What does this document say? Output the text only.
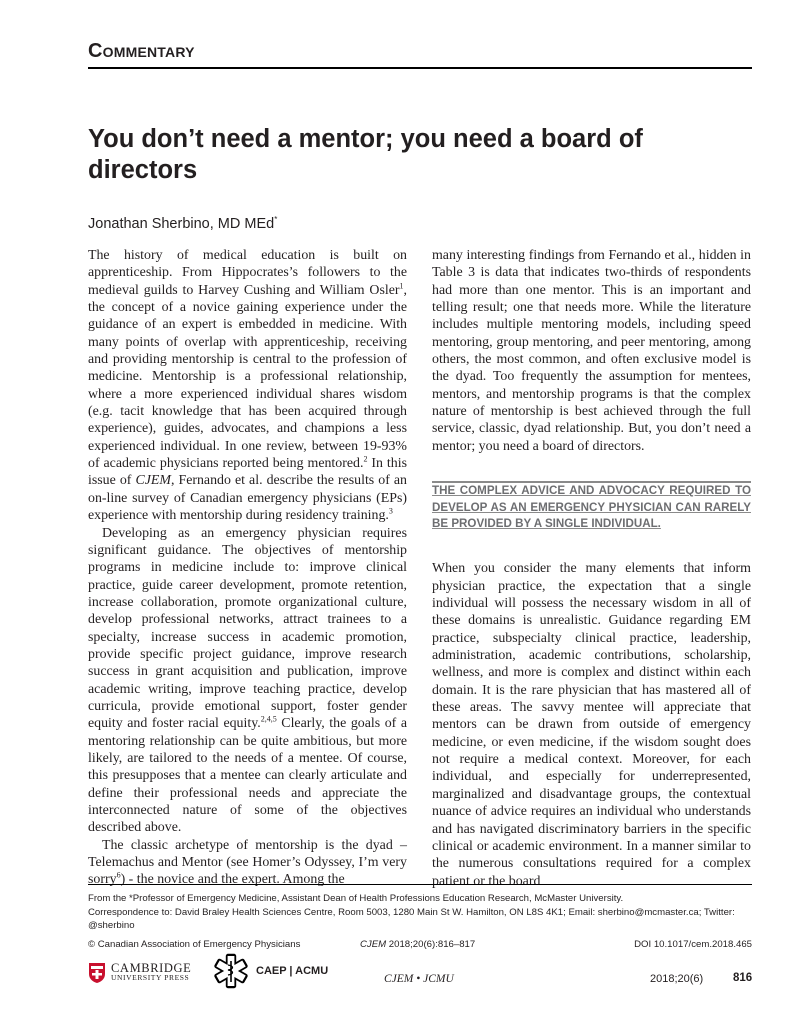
Commentary
You don’t need a mentor; you need a board of directors
Jonathan Sherbino, MD MEd*

The history of medical education is built on apprenticeship. From Hippocrates’s followers to the medieval guilds to Harvey Cushing and William Osler$^1$, the concept of a novice gaining experience under the guidance of an expert is embedded in medicine. With many points of overlap with apprenticeship, receiving and providing mentorship is central to the profession of medicine. Mentorship is a professional relationship, where a more experienced individual shares wisdom (e.g. tacit knowledge that has been acquired through experience), guides, advocates, and champions a less experienced individual. In one review, between 19-93% of academic physicians reported being mentored.$^2$ In this issue of CJEM, Fernando et al. describe the results of an on-line survey of Canadian emergency physicians (EPs) experience with mentorship during residency training.$^3$

Developing as an emergency physician requires significant guidance. The objectives of mentorship programs in medicine include to: improve clinical practice, guide career development, promote retention, increase collaboration, promote organizational culture, develop professional networks, attract trainees to a specialty, increase success in academic promotion, provide specific project guidance, improve research success in grant acquisition and publication, improve academic writing, improve teaching practice, develop curricula, provide emotional support, foster gender equity and foster racial equity.$^{2,4,5}$ Clearly, the goals of a mentoring relationship can be quite ambitious, but more likely, are tailored to the needs of a mentee. Of course, this presupposes that a mentee can clearly articulate and define their professional needs and appreciate the interconnected nature of some of the objectives described above.

The classic archetype of mentorship is the dyad – Telemachus and Mentor (see Homer’s Odyssey, I’m very sorry$^6$) - the novice and the expert. Among the

many interesting findings from Fernando et al., hidden in Table 3 is data that indicates two-thirds of respondents had more than one mentor. This is an important and telling result; one that needs more. While the literature includes multiple mentoring models, including speed mentoring, group mentoring, and peer mentoring, among others, the most common, and often exclusive model is the dyad. Too frequently the assumption for mentees, mentors, and mentorship programs is that the complex nature of mentorship is best achieved through the full service, classic, dyad relationship. But, you don’t need a mentor; you need a board of directors.

THE COMPLEX ADVICE AND ADVOCACY REQUIRED TO DEVELOP AS AN EMERGENCY PHYSICIAN CAN RARELY BE PROVIDED BY A SINGLE INDIVIDUAL.

When you consider the many elements that inform physician practice, the expectation that a single individual will possess the necessary wisdom in all of these domains is unrealistic. Guidance regarding EM practice, subspecialty clinical practice, leadership, administration, academic contributions, scholarship, wellness, and more is complex and distinct within each domain. It is the rare physician that has mastered all of these areas. The savvy mentee will appreciate that mentors can be drawn from outside of emergency medicine, or even medicine, if the wisdom sought does not require a medical context. Moreover, for each individual, and especially for underrepresented, marginalized and disadvantage groups, the contextual nuance of advice requires an individual who understands and has navigated discriminatory barriers in the specific clinical or academic environment. In a manner similar to the numerous consultations required for a complex patient or the board

From the *Professor of Emergency Medicine, Assistant Dean of Health Professions Education Research, McMaster University.
Correspondence to: David Braley Health Sciences Centre, Room 5003, 1280 Main St W. Hamilton, ON L8S 4K1; Email: sherbino@mcmaster.ca; Twitter: @sherbino
© Canadian Association of Emergency Physicians	CJEM 2018;20(6):816–817	DOI 10.1017/cem.2018.465
CAMBRIDGE
UNIVERSITY PRESS
CAEP | ACMU
CJEM • JCMU	2018;20(6)	816
